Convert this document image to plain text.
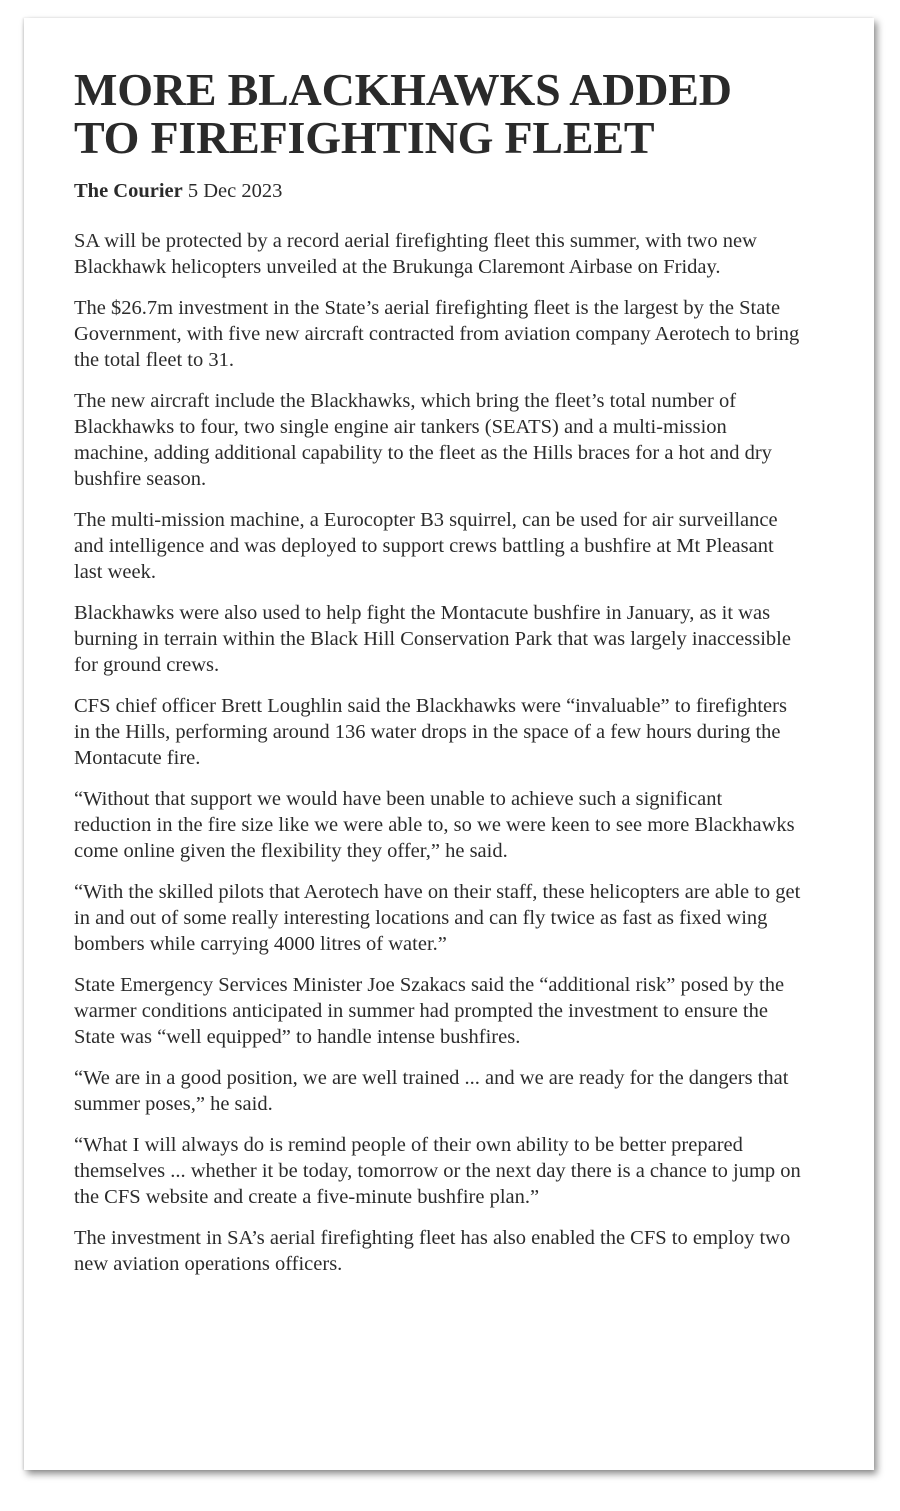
MORE BLACKHAWKS ADDED TO FIREFIGHTING FLEET
The Courier 5 Dec 2023

SA will be protected by a record aerial firefighting fleet this summer, with two new Blackhawk helicopters unveiled at the Brukunga Claremont Airbase on Friday.

The $26.7m investment in the State’s aerial firefighting fleet is the largest by the State Government, with five new aircraft contracted from aviation company Aerotech to bring the total fleet to 31.

The new aircraft include the Blackhawks, which bring the fleet’s total number of Blackhawks to four, two single engine air tankers (SEATS) and a multi-mission machine, adding additional capability to the fleet as the Hills braces for a hot and dry bushfire season.

The multi-mission machine, a Eurocopter B3 squirrel, can be used for air surveillance and intelligence and was deployed to support crews battling a bushfire at Mt Pleasant last week.

Blackhawks were also used to help fight the Montacute bushfire in January, as it was burning in terrain within the Black Hill Conservation Park that was largely inaccessible for ground crews.

CFS chief officer Brett Loughlin said the Blackhawks were “invaluable” to firefighters in the Hills, performing around 136 water drops in the space of a few hours during the Montacute fire.

“Without that support we would have been unable to achieve such a significant reduction in the fire size like we were able to, so we were keen to see more Blackhawks come online given the flexibility they offer,” he said.

“With the skilled pilots that Aerotech have on their staff, these helicopters are able to get in and out of some really interesting locations and can fly twice as fast as fixed wing bombers while carrying 4000 litres of water.”

State Emergency Services Minister Joe Szakacs said the “additional risk” posed by the warmer conditions anticipated in summer had prompted the investment to ensure the State was “well equipped” to handle intense bushfires.

“We are in a good position, we are well trained ... and we are ready for the dangers that summer poses,” he said.

“What I will always do is remind people of their own ability to be better prepared themselves ... whether it be today, tomorrow or the next day there is a chance to jump on the CFS website and create a five-minute bushfire plan.”

The investment in SA’s aerial firefighting fleet has also enabled the CFS to employ two new aviation operations officers.
